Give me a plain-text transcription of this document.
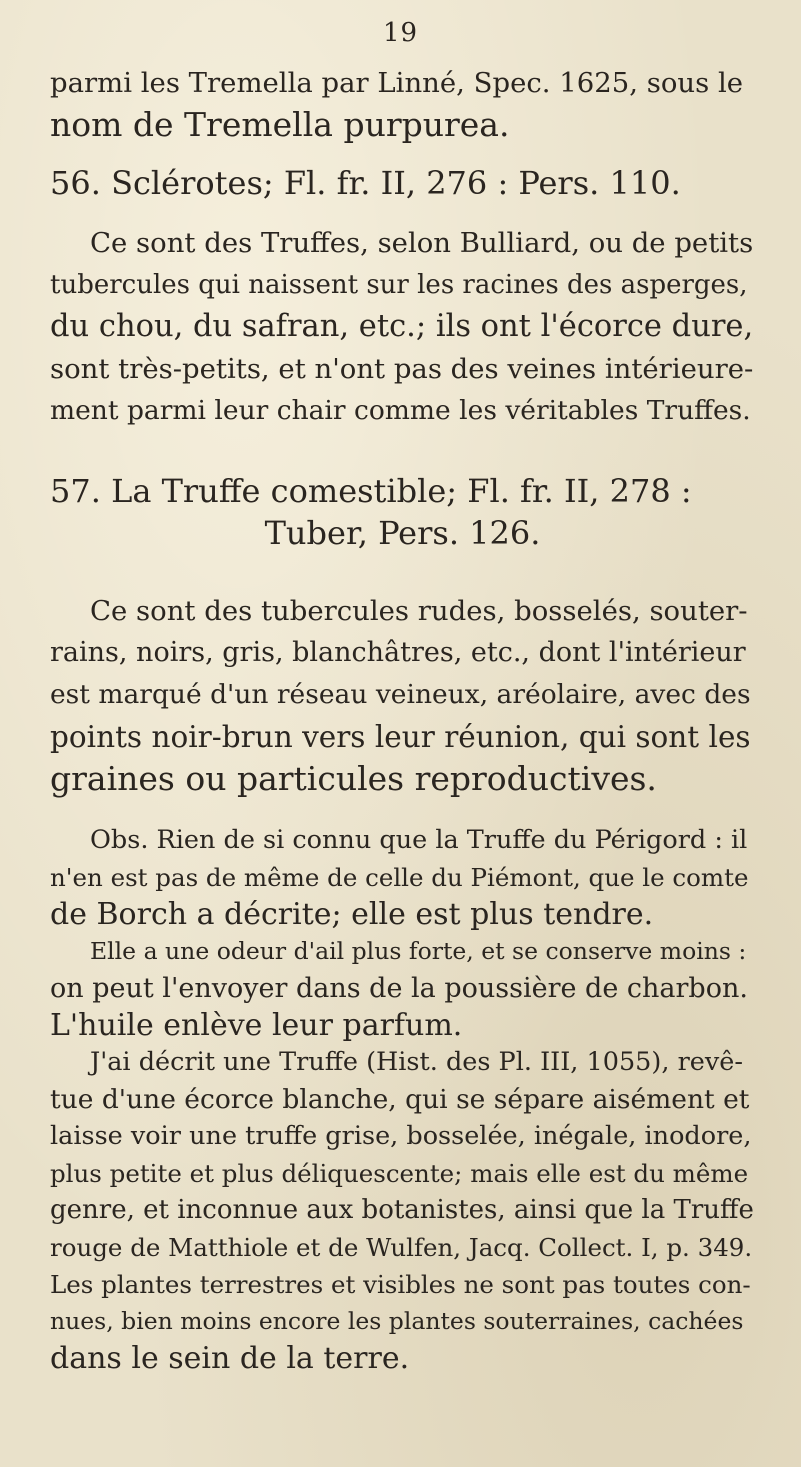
19
parmi les Tremella par Linné, Spec. 1625, sous le
nom de Tremella purpurea.
56. Sclérotes; Fl. fr. II, 276 : Pers. 110.
Ce sont des Truffes, selon Bulliard, ou de petits
tubercules qui naissent sur les racines des asperges,
du chou, du safran, etc.; ils ont l'écorce dure,
sont très-petits, et n'ont pas des veines intérieure-
ment parmi leur chair comme les véritables Truffes.
57. La Truffe comestible; Fl. fr. II, 278 :
Tuber, Pers. 126.
Ce sont des tubercules rudes, bosselés, souter-
rains, noirs, gris, blanchâtres, etc., dont l'intérieur
est marqué d'un réseau veineux, aréolaire, avec des
points noir-brun vers leur réunion, qui sont les
graines ou particules reproductives.
Obs. Rien de si connu que la Truffe du Périgord : il
n'en est pas de même de celle du Piémont, que le comte
de Borch a décrite; elle est plus tendre.
Elle a une odeur d'ail plus forte, et se conserve moins :
on peut l'envoyer dans de la poussière de charbon.
L'huile enlève leur parfum.
J'ai décrit une Truffe (Hist. des Pl. III, 1055), revê-
tue d'une écorce blanche, qui se sépare aisément et
laisse voir une truffe grise, bosselée, inégale, inodore,
plus petite et plus déliquescente; mais elle est du même
genre, et inconnue aux botanistes, ainsi que la Truffe
rouge de Matthiole et de Wulfen, Jacq. Collect. I, p. 349.
Les plantes terrestres et visibles ne sont pas toutes con-
nues, bien moins encore les plantes souterraines, cachées
dans le sein de la terre.
